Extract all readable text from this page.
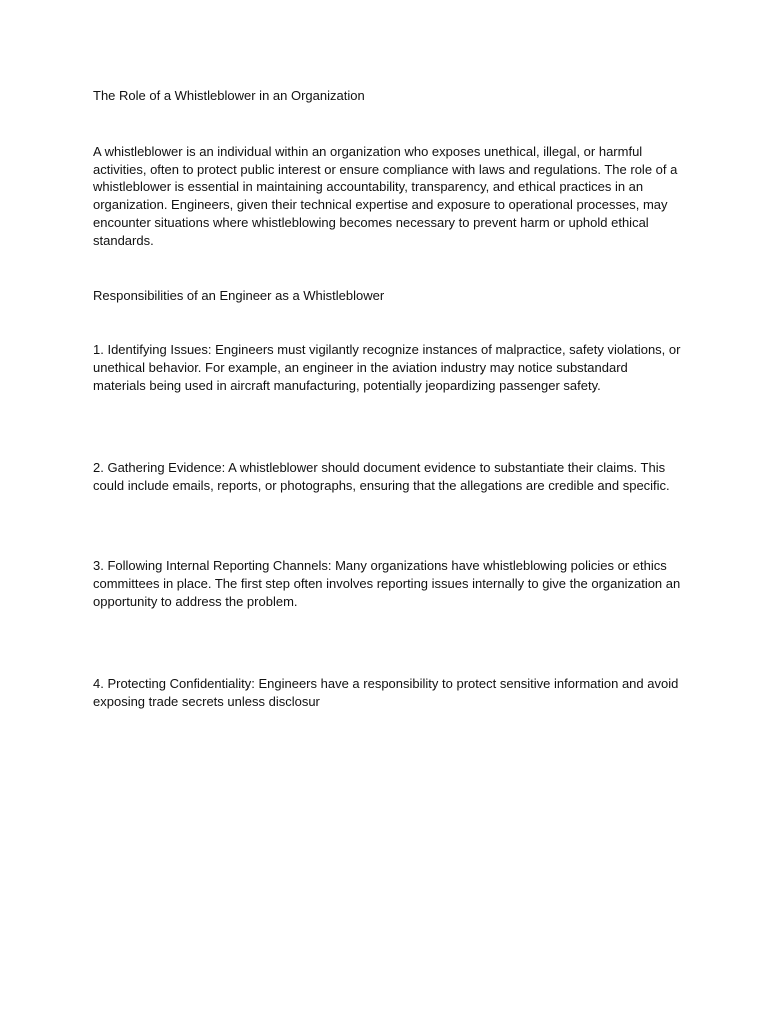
The Role of a Whistleblower in an Organization

A whistleblower is an individual within an organization who exposes unethical, illegal, or harmful activities, often to protect public interest or ensure compliance with laws and regulations. The role of a whistleblower is essential in maintaining accountability, transparency, and ethical practices in an organization. Engineers, given their technical expertise and exposure to operational processes, may encounter situations where whistleblowing becomes necessary to prevent harm or uphold ethical standards.

Responsibilities of an Engineer as a Whistleblower

1. Identifying Issues: Engineers must vigilantly recognize instances of malpractice, safety violations, or unethical behavior. For example, an engineer in the aviation industry may notice substandard materials being used in aircraft manufacturing, potentially jeopardizing passenger safety.

2. Gathering Evidence: A whistleblower should document evidence to substantiate their claims. This could include emails, reports, or photographs, ensuring that the allegations are credible and specific.

3. Following Internal Reporting Channels: Many organizations have whistleblowing policies or ethics committees in place. The first step often involves reporting issues internally to give the organization an opportunity to address the problem.

4. Protecting Confidentiality: Engineers have a responsibility to protect sensitive information and avoid exposing trade secrets unless disclosur
